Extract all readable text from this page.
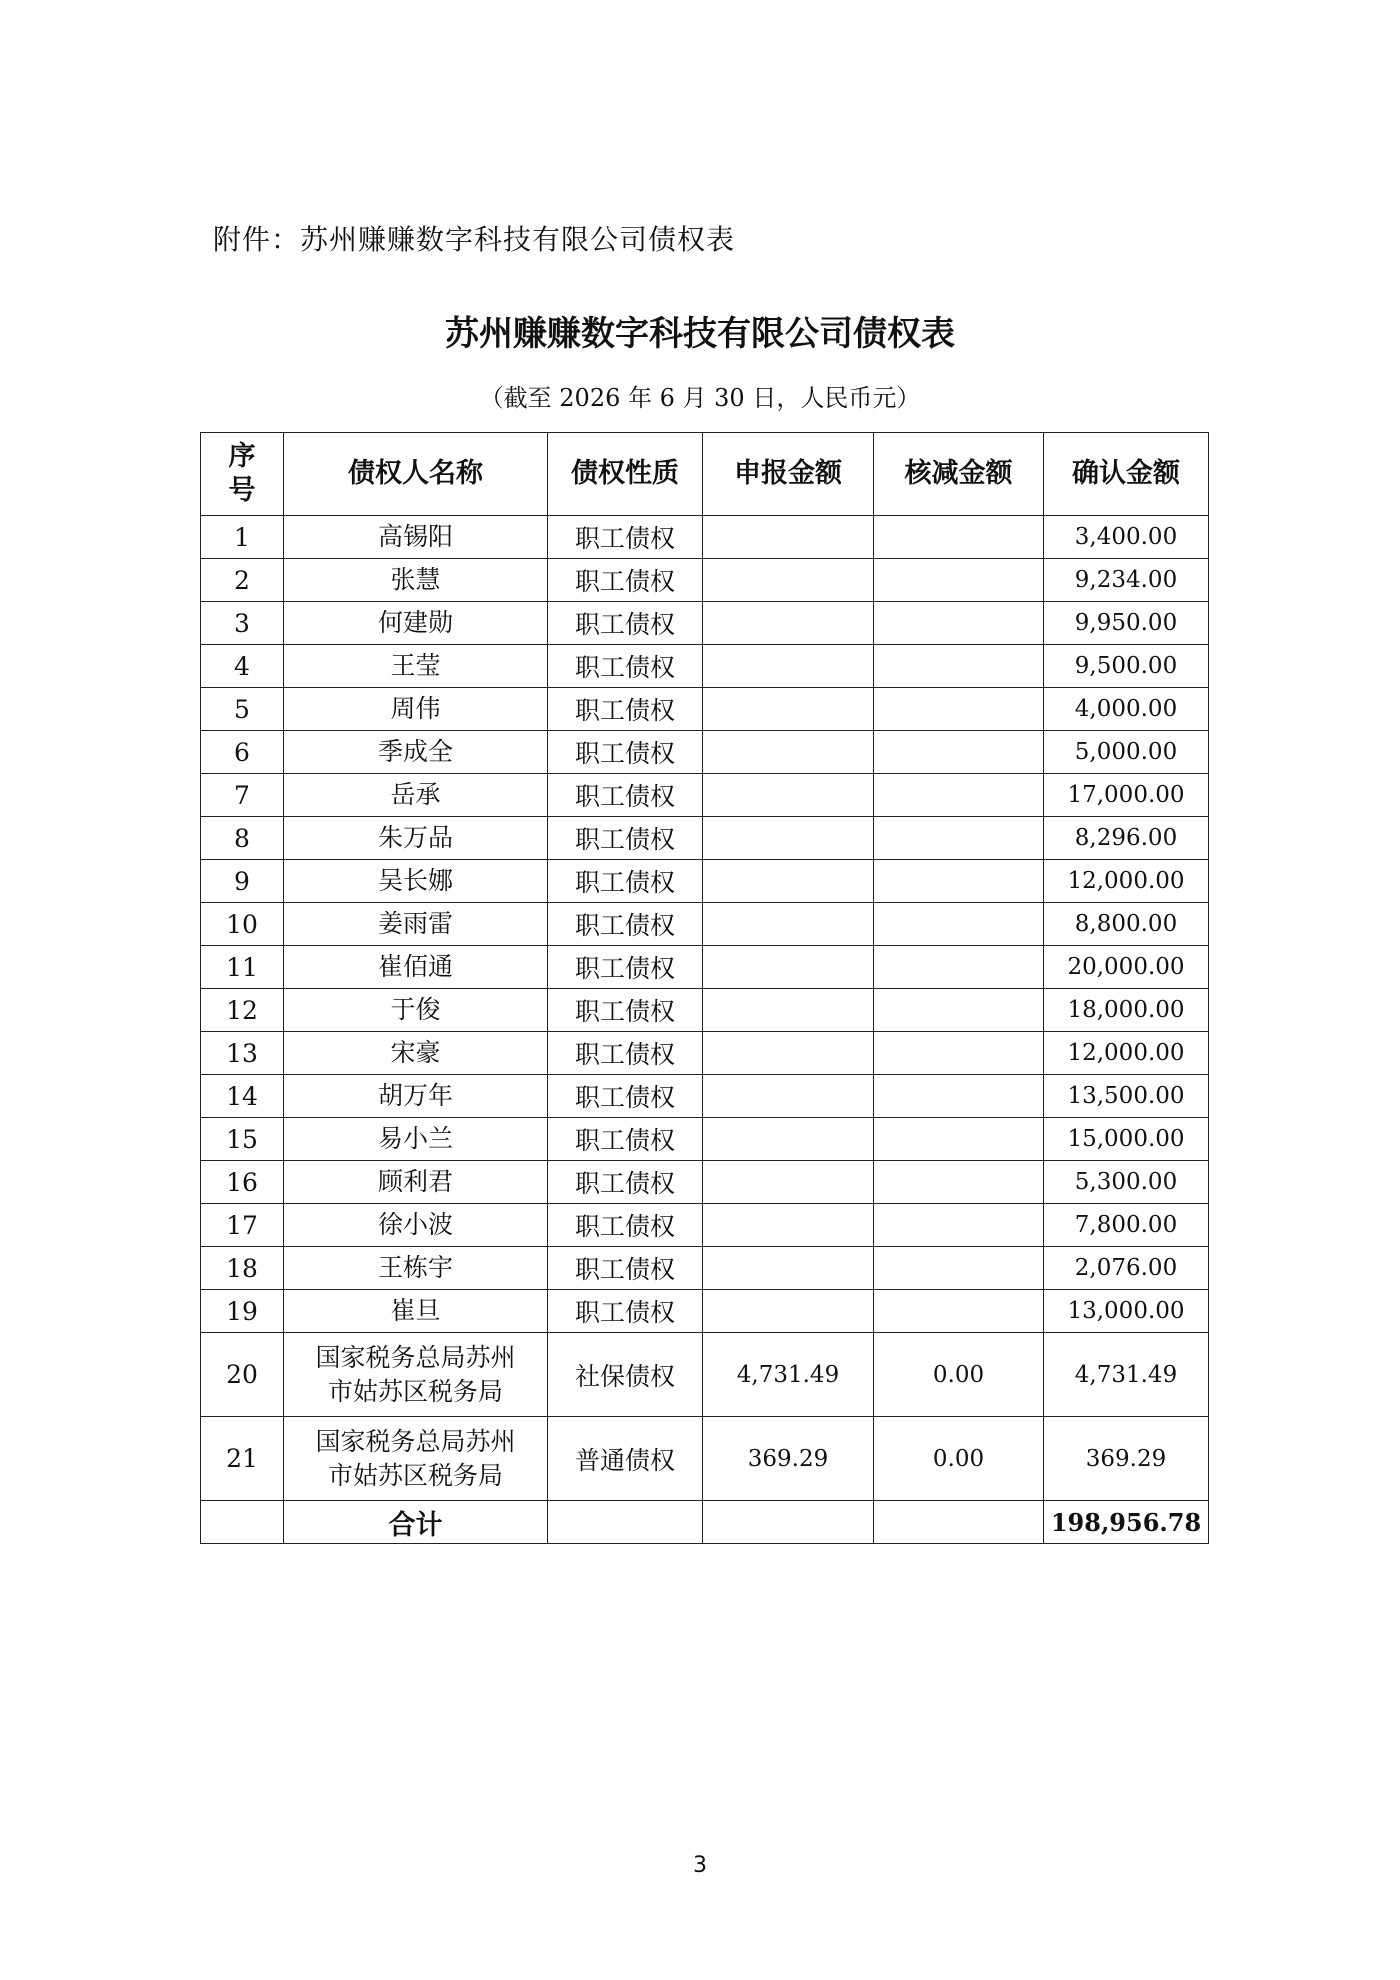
附件：苏州赚赚数字科技有限公司债权表
苏州赚赚数字科技有限公司债权表
（截至 2026 年 6 月 30 日，人民币元）
序
号	债权人名称	债权性质	申报金额	核减金额	确认金额
1	高锡阳	职工债权			3,400.00
2	张慧	职工债权			9,234.00
3	何建勋	职工债权			9,950.00
4	王莹	职工债权			9,500.00
5	周伟	职工债权			4,000.00
6	季成全	职工债权			5,000.00
7	岳承	职工债权			17,000.00
8	朱万品	职工债权			8,296.00
9	吴长娜	职工债权			12,000.00
10	姜雨雷	职工债权			8,800.00
11	崔佰通	职工债权			20,000.00
12	于俊	职工债权			18,000.00
13	宋豪	职工债权			12,000.00
14	胡万年	职工债权			13,500.00
15	易小兰	职工债权			15,000.00
16	顾利君	职工债权			5,300.00
17	徐小波	职工债权			7,800.00
18	王栋宇	职工债权			2,076.00
19	崔旦	职工债权			13,000.00
20	国家税务总局苏州
市姑苏区税务局	社保债权	4,731.49	0.00	4,731.49
21	国家税务总局苏州
市姑苏区税务局	普通债权	369.29	0.00	369.29
	合计				198,956.78
3
